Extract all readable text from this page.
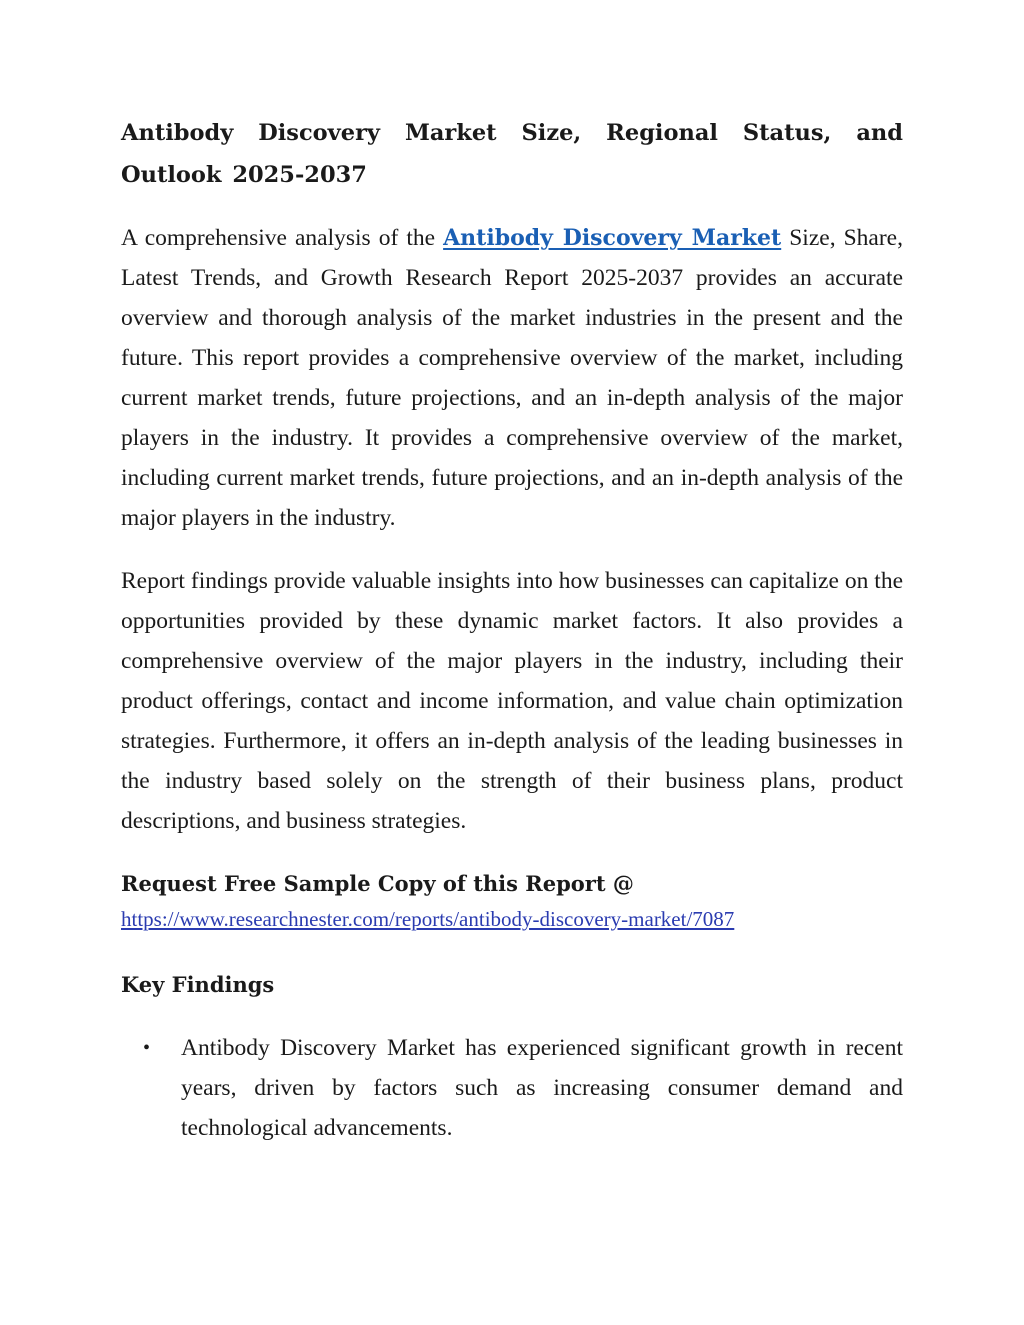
Antibody Discovery Market Size, Regional Status, and Outlook 2025-2037

A comprehensive analysis of the Antibody Discovery Market Size, Share, Latest Trends, and Growth Research Report 2025-2037 provides an accurate overview and thorough analysis of the market industries in the present and the future. This report provides a comprehensive overview of the market, including current market trends, future projections, and an in-depth analysis of the major players in the industry. It provides a comprehensive overview of the market, including current market trends, future projections, and an in-depth analysis of the major players in the industry.

Report findings provide valuable insights into how businesses can capitalize on the opportunities provided by these dynamic market factors. It also provides a comprehensive overview of the major players in the industry, including their product offerings, contact and income information, and value chain optimization strategies. Furthermore, it offers an in-depth analysis of the leading businesses in the industry based solely on the strength of their business plans, product descriptions, and business strategies.

Request Free Sample Copy of this Report @
https://www.researchnester.com/reports/antibody-discovery-market/7087
Key Findings
• Antibody Discovery Market has experienced significant growth in recent years, driven by factors such as increasing consumer demand and technological advancements.
